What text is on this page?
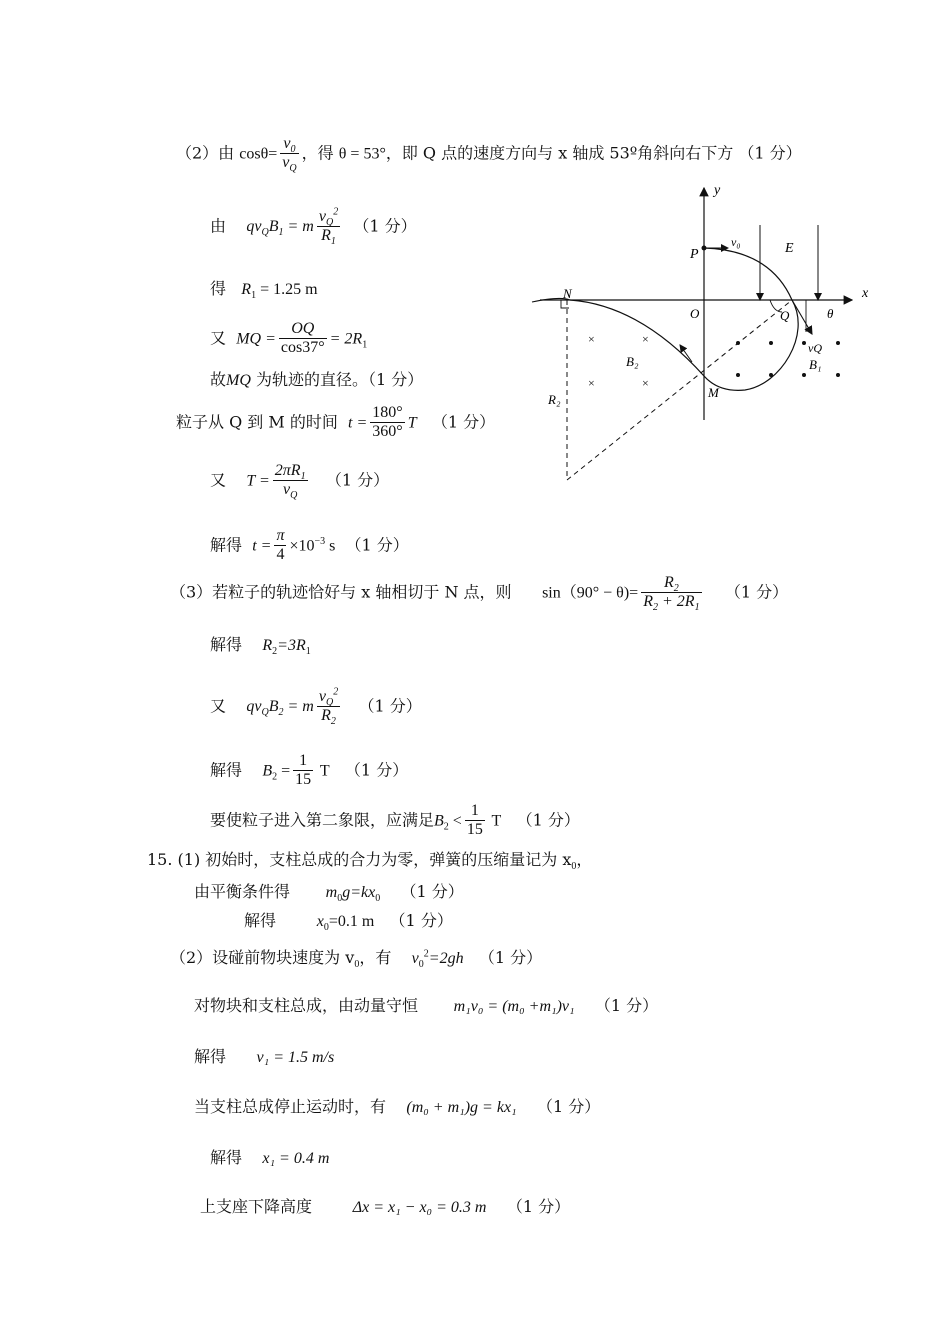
（2）由 $\cos\theta= \frac{v_0}{v_Q}$ ，得 θ = 53°，即 Q 点的速度方向与 x 轴成 53º角斜向右下方 （1 分）
由 $qv_QB_1 = m \frac{v_Q^2}{R_1} (1$ 分）
得 $R_1 = 1.25$ m
又 MQ = $\frac{OQ}{\cos 37^\circ} = 2R_1$
故MQ 为轨迹的直径。（1 分）
粒子从 Q 到 M 的时间 $t = \frac{180^\circ}{360^\circ}$ T （1 分）
又 $T = \frac{2\pi R_1}{v_Q} (1$ 分）
解得 $t = \frac{\pi}{4} \times 10^{-3}$ s （1 分）
（3）若粒子的轨迹恰好与 x 轴相切于 N 点，则 $\sin(90^\circ - \theta)= \frac{R_2}{R_2 + 2R_1} (1$ 分）
解得 $R_2=3R_1$
又 $qv_QB_2 = m \frac{v_Q^2}{R_2} (1$ 分）
解得 $B_2 = \frac{1}{15}$ T （1 分）
要使粒子进入第二象限，应满足$B_2 < \frac{1}{15}$ T （1 分）
15. (1) 初始时，支柱总成的合力为零，弹簧的压缩量记为 $x_0$，
由平衡条件得 $m_0g=kx_0$ （1 分）
解得	$x_0=0.1$ m （1 分）
（2）设碰前物块速度为 $v_0$，有 $v_0^2=2gh$ （1 分）
对物块和支柱总成，由动量守恒 m₁v₀ = (m₀ +m₁)v₁ （1 分）
解得 v₁ = 1.5 m/s
当支柱总成停止运动时，有 (m₀ + m₁)g = kx₁ （1 分）
解得 x₁ = 0.4 m
上支座下降高度	Δx = x₁ − x₀ = 0.3 m （1 分）
y
x
P
v₀	E
N
R₂
O	Q	θ
vQ
×	×
×	×
B₂	B₁
M
